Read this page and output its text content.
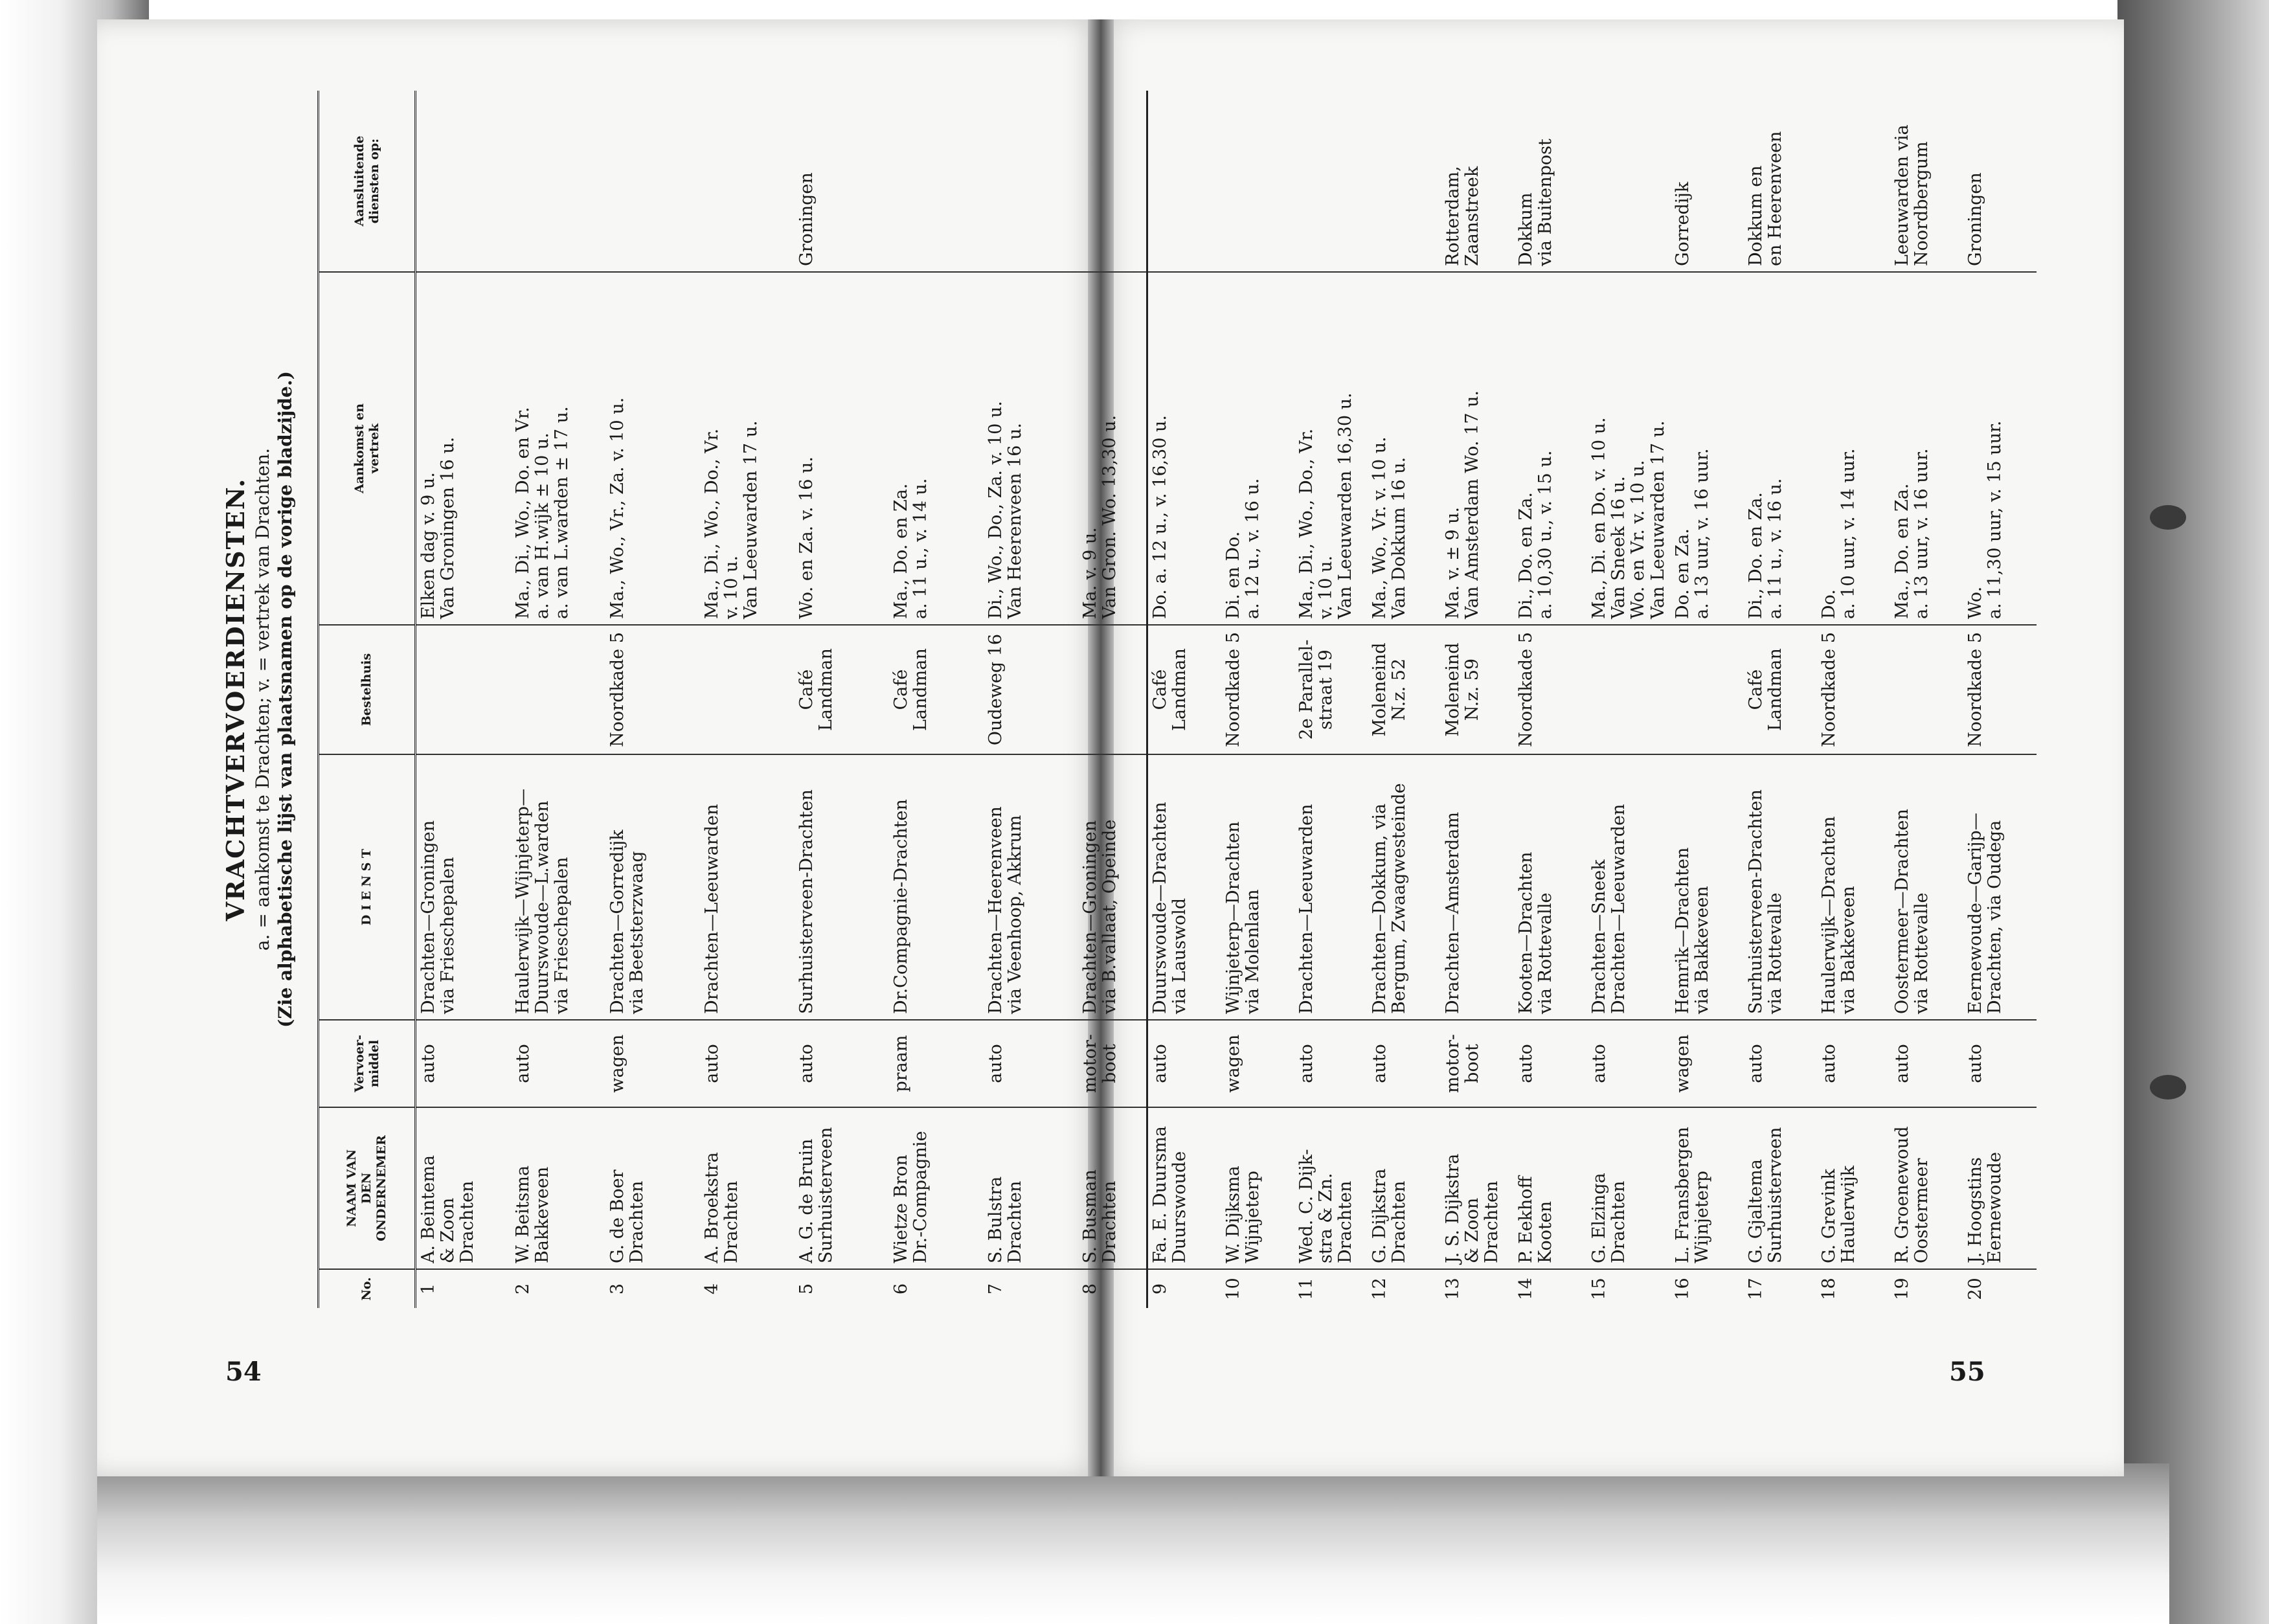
54	55
VRACHTVERVOERDIENSTEN. a. = aankomst te Drachten; v. = vertrek van Drachten. (Zie alphabetische lijst van plaatsnamen op de vorige bladzijde.)
No.	NAAM VAN DEN ONDERNEMER	Vervoer- middel	D I E N S T	Bestelhuis	Aankomst en vertrek	Aansluitende diensten op:

1	A. Beintema & Zoon Drachten	auto	Drachten—Groningen via Frieschepalen		Elken dag v. 9 u. Van Groningen 16 u.	

2	W. Beitsma Bakkeveen	auto	Haulerwijk—Wijnjeterp— Duurswoude—L.warden via Frieschepalen		Ma., Di., Wo., Do. en Vr. a. van H.wijk ± 10 u. a. van L.warden ± 17 u.	

3	G. de Boer Drachten	wagen	Drachten—Gorredijk via Beetsterzwaag	Noordkade 5	Ma., Wo., Vr., Za. v. 10 u.	

4	A. Broekstra Drachten	auto	Drachten—Leeuwarden		Ma., Di., Wo., Do., Vr. v. 10 u. Van Leeuwarden 17 u.	

5	A. G. de Bruin Surhuisterveen	auto	Surhuisterveen-Drachten	Café Landman	Wo. en Za. v. 16 u.	Groningen

6	Wietze Bron Dr.-Compagnie	praam	Dr.Compagnie-Drachten	Café Landman	Ma., Do. en Za. a. 11 u., v. 14 u.	

7	S. Bulstra Drachten	auto	Drachten—Heerenveen via Veenhoop, Akkrum	Oudeweg 16	Di., Wo., Do., Za. v. 10 u. Van Heerenveen 16 u.	

8	S. Busman Drachten	motor- boot	Drachten—Groningen via B.vallaat, Opeinde		Ma. v. 9 u. Van Gron. Wo. 13,30 u.	

9	Fa. E. Duursma Duurswoude	auto	Duurswoude—Drachten via Lauswold	Café Landman	Do. a. 12 u., v. 16,30 u.	

10	W. Dijksma Wijnjeterp	wagen	Wijnjeterp—Drachten via Molenlaan	Noordkade 5	Di. en Do. a. 12 u., v. 16 u.	

11	Wed. C. Dijk- stra & Zn. Drachten	auto	Drachten—Leeuwarden	2e Parallel- straat 19	Ma., Di., Wo., Do., Vr. v. 10 u. Van Leeuwarden 16,30 u.	

12	G. Dijkstra Drachten	auto	Drachten—Dokkum, via Bergum, Zwaagwesteinde	Moleneind N.z. 52	Ma., Wo., Vr. v. 10 u. Van Dokkum 16 u.	

13	J. S. Dijkstra & Zoon Drachten	motor- boot	Drachten—Amsterdam	Moleneind N.z. 59	Ma. v. ± 9 u. Van Amsterdam Wo. 17 u.	Rotterdam, Zaanstreek

14	P. Eekhoff Kooten	auto	Kooten—Drachten via Rottevalle	Noordkade 5	Di., Do. en Za. a. 10,30 u., v. 15 u.	Dokkum via Buitenpost

15	G. Elzinga Drachten	auto	Drachten—Sneek Drachten—Leeuwarden		Ma., Di. en Do. v. 10 u. Van Sneek 16 u. Wo. en Vr. v. 10 u. Van Leeuwarden 17 u.	

16	L. Fransbergen Wijnjeterp	wagen	Hemrik—Drachten via Bakkeveen		Do. en Za. a. 13 uur, v. 16 uur.	Gorredijk

17	G. Gjaltema Surhuisterveen	auto	Surhuisterveen-Drachten via Rottevalle	Café Landman	Di., Do. en Za. a. 11 u., v. 16 u.	Dokkum en en Heerenveen

18	G. Grevink Haulerwijk	auto	Haulerwijk—Drachten via Bakkeveen	Noordkade 5	Do. a. 10 uur, v. 14 uur.	

19	R. Groenewoud Oostermeer	auto	Oostermeer—Drachten via Rottevalle		Ma., Do. en Za. a. 13 uur, v. 16 uur.	Leeuwarden via Noordbergum

20	J. Hoogstins Eernewoude	auto	Eernewoude—Garijp— Drachten, via Oudega	Noordkade 5	Wo. a. 11,30 uur, v. 15 uur.	Groningen
